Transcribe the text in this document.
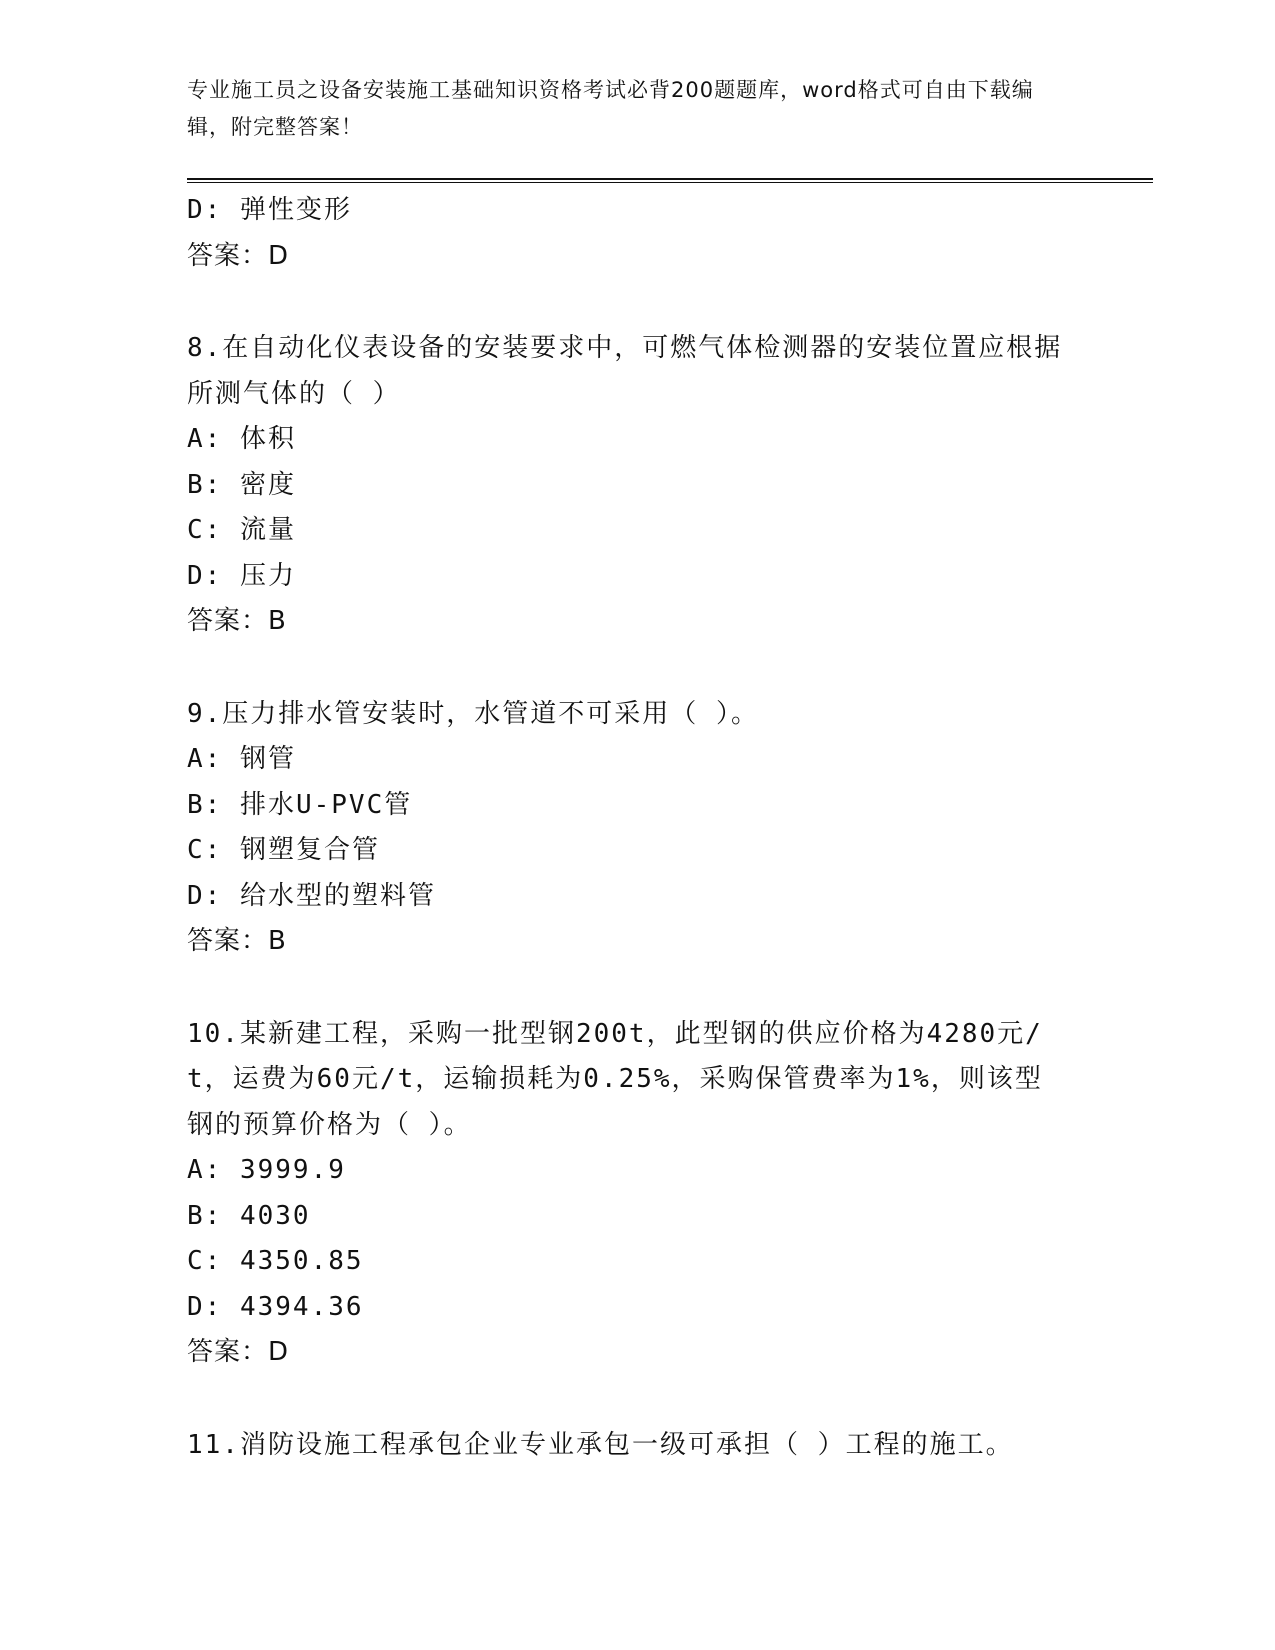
专业施工员之设备安装施工基础知识资格考试必背200题题库，word格式可自由下载编辑，附完整答案！
D: 弹性变形
答案：D
8.在自动化仪表设备的安装要求中，可燃气体检测器的安装位置应根据所测气体的（ ）
A: 体积
B: 密度
C: 流量
D: 压力
答案：B
9.压力排水管安装时，水管道不可采用（ ）。
A: 钢管
B: 排水U-PVC管
C: 钢塑复合管
D: 给水型的塑料管
答案：B
10.某新建工程，采购一批型钢200t，此型钢的供应价格为4280元/t，运费为60元/t，运输损耗为0.25%，采购保管费率为1%，则该型钢的预算价格为（ ）。
A: 3999.9
B: 4030
C: 4350.85
D: 4394.36
答案：D
11.消防设施工程承包企业专业承包一级可承担（ ）工程的施工。
